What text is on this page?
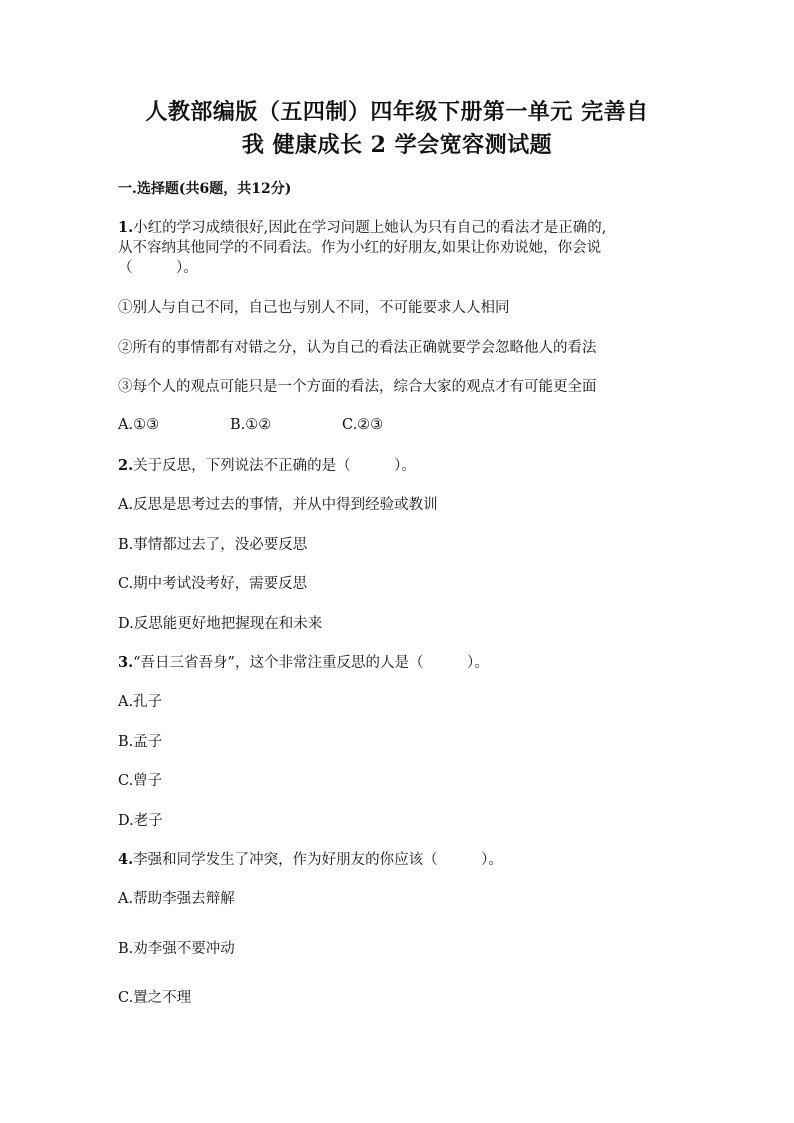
人教部编版（五四制）四年级下册第一单元 完善自
我 健康成长 2 学会宽容测试题
一.选择题(共6题，共12分)
1.小红的学习成绩很好,因此在学习问题上她认为只有自己的看法才是正确的,
从不容纳其他同学的不同看法。作为小红的好朋友,如果让你劝说她，你会说
（　　　）。
①别人与自己不同，自己也与别人不同，不可能要求人人相同
②所有的事情都有对错之分，认为自己的看法正确就要学会忽略他人的看法
③每个人的观点可能只是一个方面的看法，综合大家的观点才有可能更全面
A.①③	B.①②	C.②③
2.关于反思，下列说法不正确的是（　　　）。
A.反思是思考过去的事情，并从中得到经验或教训
B.事情都过去了，没必要反思
C.期中考试没考好，需要反思
D.反思能更好地把握现在和未来
3.“吾日三省吾身”，这个非常注重反思的人是（　　　）。
A.孔子
B.孟子
C.曾子
D.老子
4.李强和同学发生了冲突，作为好朋友的你应该（　　　）。
A.帮助李强去辩解
B.劝李强不要冲动
C.置之不理
